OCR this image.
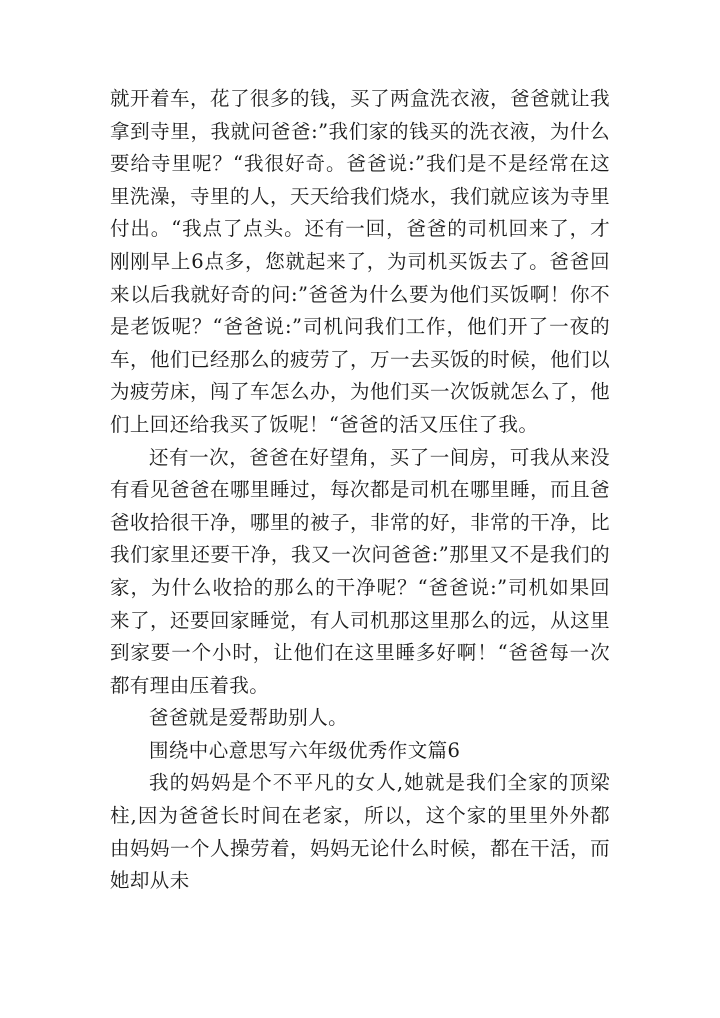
就开着车，花了很多的钱，买了两盒洗衣液，爸爸就让我拿到寺里，我就问爸爸:”我们家的钱买的洗衣液，为什么要给寺里呢？“我很好奇。爸爸说:”我们是不是经常在这里洗澡，寺里的人，天天给我们烧水，我们就应该为寺里付出。“我点了点头。还有一回，爸爸的司机回来了，才刚刚早上6点多，您就起来了，为司机买饭去了。爸爸回来以后我就好奇的问:”爸爸为什么要为他们买饭啊！你不是老饭呢？“爸爸说:”司机问我们工作，他们开了一夜的车，他们已经那么的疲劳了，万一去买饭的时候，他们以为疲劳床，闯了车怎么办，为他们买一次饭就怎么了，他们上回还给我买了饭呢！“爸爸的活又压住了我。

还有一次，爸爸在好望角，买了一间房，可我从来没有看见爸爸在哪里睡过，每次都是司机在哪里睡，而且爸爸收拾很干净，哪里的被子，非常的好，非常的干净，比我们家里还要干净，我又一次问爸爸:”那里又不是我们的家，为什么收拾的那么的干净呢？“爸爸说:”司机如果回来了，还要回家睡觉，有人司机那这里那么的远，从这里到家要一个小时，让他们在这里睡多好啊！“爸爸每一次都有理由压着我。

爸爸就是爱帮助别人。

围绕中心意思写六年级优秀作文篇6

我的妈妈是个不平凡的女人,她就是我们全家的顶梁柱,因为爸爸长时间在老家，所以，这个家的里里外外都由妈妈一个人操劳着，妈妈无论什么时候，都在干活，而她却从未
